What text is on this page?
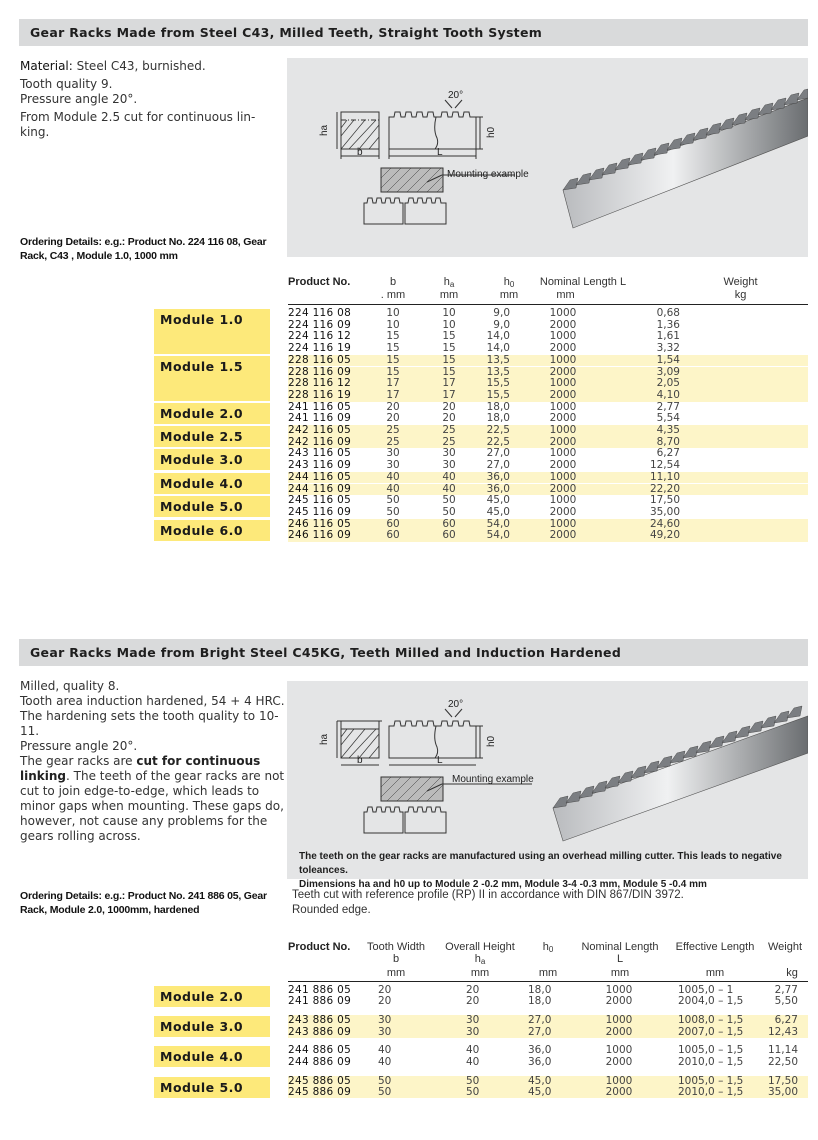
Gear Racks Made from Steel C43, Milled Teeth, Straight Tooth System
Material: Steel C43, burnished.
Tooth quality 9.
Pressure angle 20°.
From Module 2.5 cut for continuous lin-
king.
Ordering Details: e.g.: Product No. 224 116 08, Gear
Rack, C43 , Module 1.0, 1000 mm
20°
ha	h0
b	L
Mounting example
Product No.	b
. mm
$h_a$
mm
$h_0$
mm
Nominal Length L
mm
Weight
kg
Module 1.0	224 116 08	10	10	9,0	1000	0,68
224 116 09	10	10	9,0	2000	1,36
224 116 12	15	15	14,0	1000	1,61
224 116 19	15	15	14,0	2000	3,32
Module 1.5	228 116 05	15	15	13,5	1000	1,54
228 116 09	15	15	13,5	2000	3,09
228 116 12	17	17	15,5	1000	2,05
228 116 19	17	17	15,5	2000	4,10
Module 2.0	241 116 05	20	20	18,0	1000	2,77
241 116 09	20	20	18,0	2000	5,54
Module 2.5	242 116 05	25	25	22,5	1000	4,35
242 116 09	25	25	22,5	2000	8,70
Module 3.0	243 116 05	30	30	27,0	1000	6,27
243 116 09	30	30	27,0	2000	12,54
Module 4.0	244 116 05	40	40	36,0	1000	11,10
244 116 09	40	40	36,0	2000	22,20
Module 5.0	245 116 05	50	50	45,0	1000	17,50
245 116 09	50	50	45,0	2000	35,00
Module 6.0	246 116 05	60	60	54,0	1000	24,60
246 116 09	60	60	54,0	2000	49,20
Gear Racks Made from Bright Steel C45KG, Teeth Milled and Induction Hardened
Milled, quality 8.
Tooth area induction hardened, 54 + 4 HRC.
The hardening sets the tooth quality to 10-11.
Pressure angle 20°.
The gear racks are cut for continuous
linking. The teeth of the gear racks are not
cut to join edge-to-edge, which leads to
minor gaps when mounting. These gaps do,
however, not cause any problems for the
gears rolling across.
Ordering Details: e.g.: Product No. 241 886 05, Gear
Rack, Module 2.0, 1000mm, hardened
20°
ha	h0
b	L
Mounting example
The teeth on the gear racks are manufactured using an overhead milling cutter. This leads to negative toleances.
Dimensions ha and h0 up to Module 2 -0.2 mm, Module 3-4 -0.3 mm, Module 5 -0.4 mm
Teeth cut with reference profile (RP) II in accordance with DIN 867/DIN 3972.
Rounded edge.
Product No.	Tooth Width
b
mm
Overall Height
$h_a$
mm
$h_0$
mm
Nominal Length
L
mm
Effective Length
mm
Weight
kg
Module 2.0	241 886 05	20	20	18,0	1000	1005,0 – 1	2,77
241 886 09	20	20	18,0	2000	2004,0 – 1,5	5,50
Module 3.0	243 886 05	30	30	27,0	1000	1008,0 – 1,5	6,27
243 886 09	30	30	27,0	2000	2007,0 – 1,5	12,43
Module 4.0	244 886 05	40	40	36,0	1000	1005,0 – 1,5	11,14
244 886 09	40	40	36,0	2000	2010,0 – 1,5	22,50
Module 5.0	245 886 05	50	50	45,0	1000	1005,0 – 1,5	17,50
245 886 09	50	50	45,0	2000	2010,0 – 1,5	35,00
